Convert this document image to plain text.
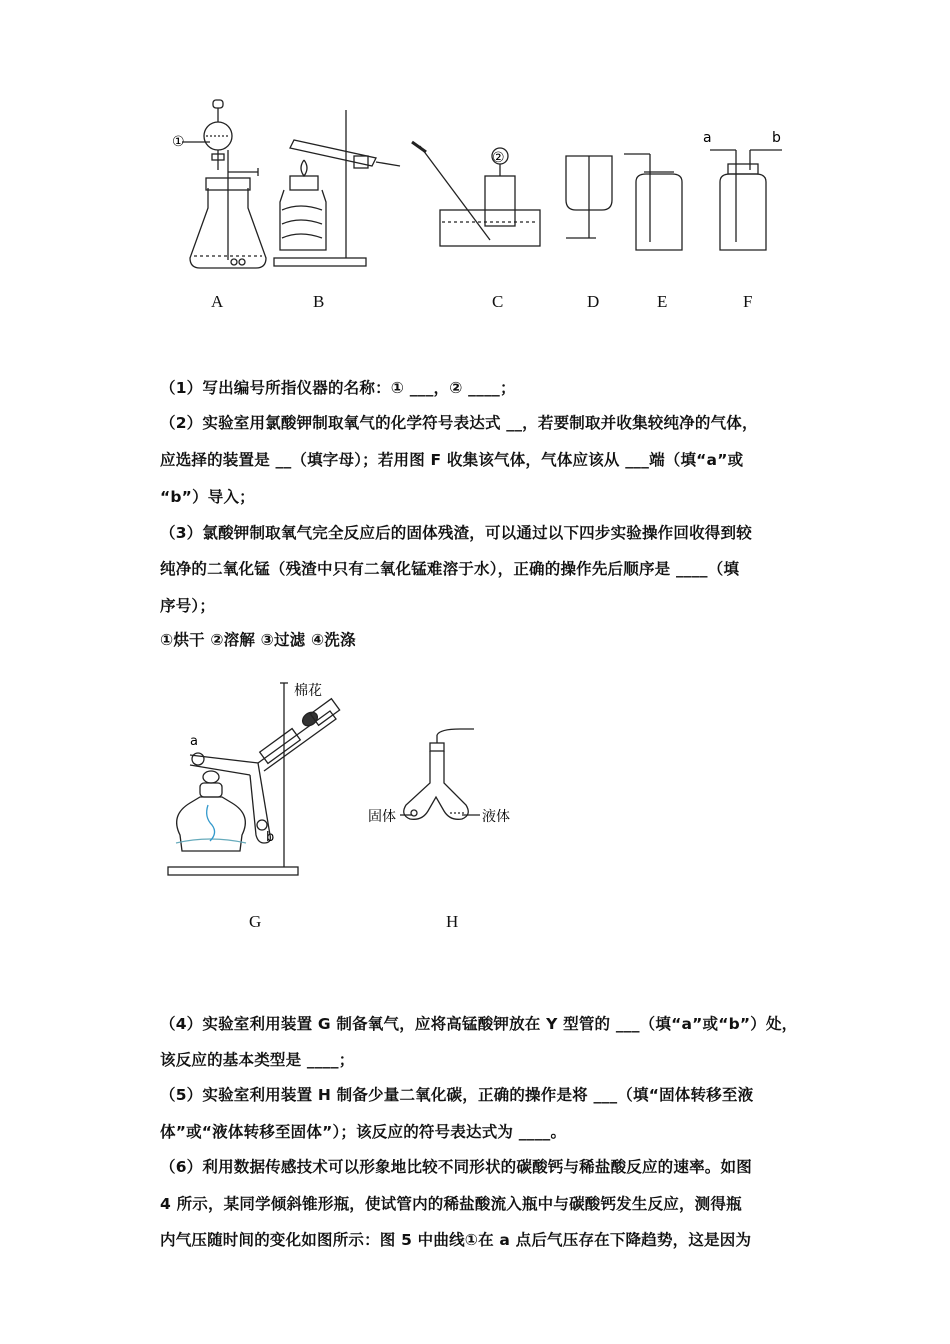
①
②
a	b
A	B	C	D	E	F
（1）写出编号所指仪器的名称：① ___，② ____；
（2）实验室用氯酸钾制取氧气的化学符号表达式 __，若要制取并收集较纯净的气体，
应选择的装置是 __（填字母）；若用图 F 收集该气体，气体应该从 ___端（填“a”或
“b”）导入；
（3）氯酸钾制取氧气完全反应后的固体残渣，可以通过以下四步实验操作回收得到较
纯净的二氧化锰（残渣中只有二氧化锰难溶于水），正确的操作先后顺序是 ____（填
序号）；
①烘干 ②溶解 ③过滤 ④洗涤
棉花
a
b
固体	液体
G	H
（4）实验室利用装置 G 制备氧气，应将高锰酸钾放在 Y 型管的 ___（填“a”或“b”）处，
该反应的基本类型是 ____；
（5）实验室利用装置 H 制备少量二氧化碳，正确的操作是将 ___（填“固体转移至液
体”或“液体转移至固体”）；该反应的符号表达式为 ____。
（6）利用数据传感技术可以形象地比较不同形状的碳酸钙与稀盐酸反应的速率。如图
4 所示，某同学倾斜锥形瓶，使试管内的稀盐酸流入瓶中与碳酸钙发生反应，测得瓶
内气压随时间的变化如图所示：图 5 中曲线①在 a 点后气压存在下降趋势，这是因为
